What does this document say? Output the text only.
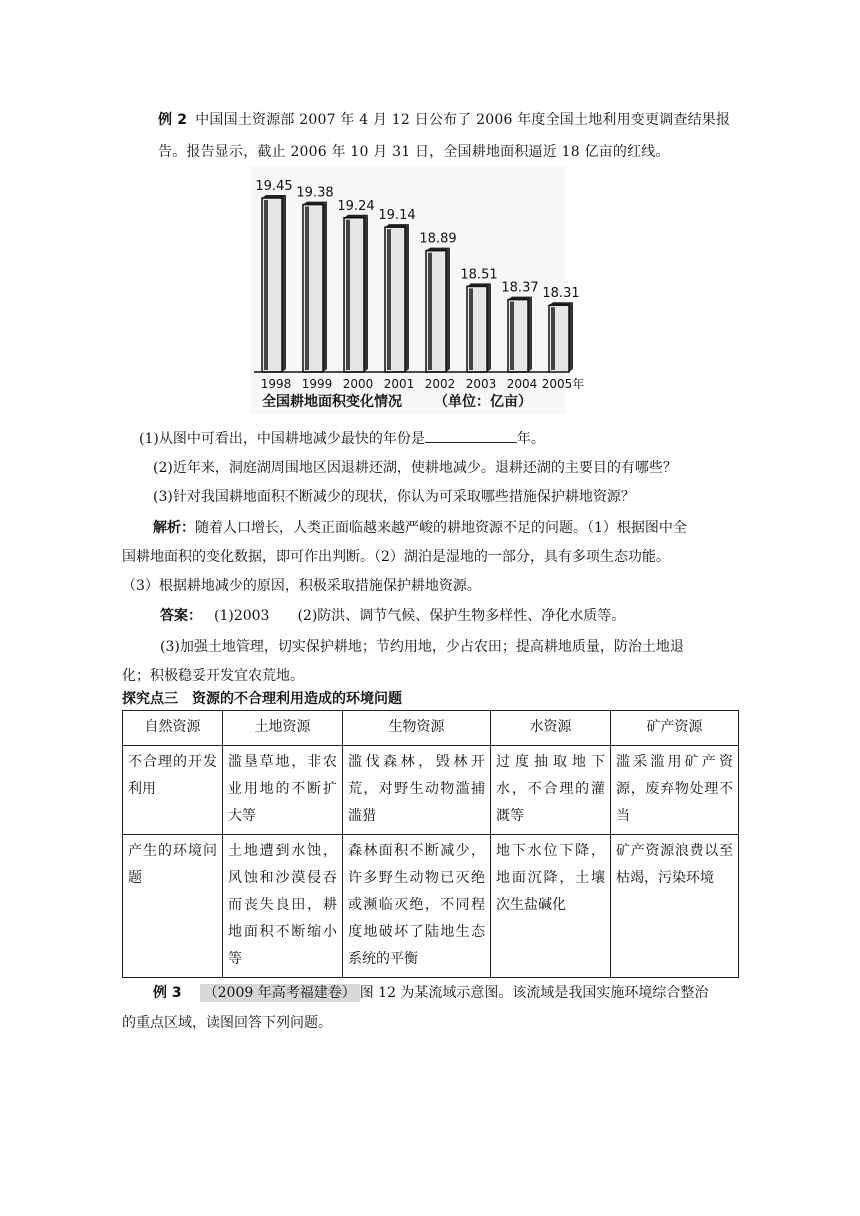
例 2 中国国土资源部 2007 年 4 月 12 日公布了 2006 年度全国土地利用变更调查结果报告。报告显示，截止 2006 年 10 月 31 日，全国耕地面积逼近 18 亿亩的红线。
19.45
1998
19.38
1999
19.24
2000
19.14
2001
18.89
2002
18.51
2003
18.37
2004
18.31
2005年
全国耕地面积变化情况 （单位：亿亩）
(1)从图中可看出，中国耕地减少最快的年份是	年。
(2)近年来，洞庭湖周围地区因退耕还湖，使耕地减少。退耕还湖的主要目的有哪些？
(3)针对我国耕地面积不断减少的现状，你认为可采取哪些措施保护耕地资源？
解析：随着人口增长，人类正面临越来越严峻的耕地资源不足的问题。（1）根据图中全
国耕地面积的变化数据，即可作出判断。（2）湖泊是湿地的一部分，具有多项生态功能。
（3）根据耕地减少的原因，积极采取措施保护耕地资源。
答案： (1)2003 (2)防洪、调节气候、保护生物多样性、净化水质等。
(3)加强土地管理，切实保护耕地；节约用地，少占农田；提高耕地质量，防治土地退
化；积极稳妥开发宜农荒地。
探究点三　资源的不合理利用造成的环境问题
自然资源	土地资源	生物资源	水资源	矿产资源
不合理的开发利用	滥垦草地，非农业用地的不断扩大等	滥伐森林，毁林开荒，对野生动物滥捕滥猎	过度抽取地下水，不合理的灌溉等	滥采滥用矿产资源，废弃物处理不当
产生的环境问题	土地遭到水蚀，风蚀和沙漠侵吞而丧失良田，耕地面积不断缩小等	森林面积不断减少，许多野生动物已灭绝或濒临灭绝，不同程度地破坏了陆地生态系统的平衡	地下水位下降，地面沉降，土壤次生盐碱化	矿产资源浪费以至枯竭，污染环境
例 3 （2009 年高考福建卷） 图 12 为某流域示意图。该流域是我国实施环境综合整治
的重点区域，读图回答下列问题。
